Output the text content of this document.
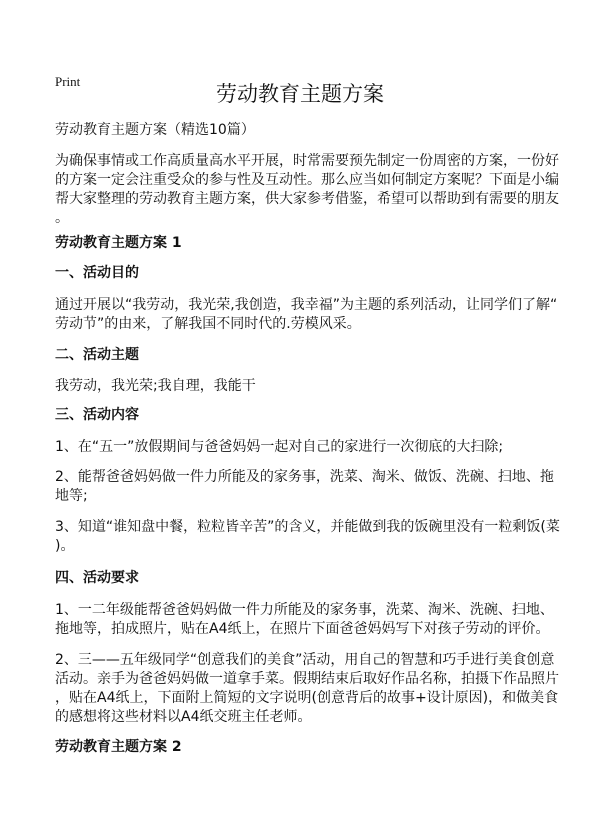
Print
劳动教育主题方案
劳动教育主题方案（精选10篇）
为确保事情或工作高质量高水平开展，时常需要预先制定一份周密的方案，一份好
的方案一定会注重受众的参与性及互动性。那么应当如何制定方案呢？下面是小编
帮大家整理的劳动教育主题方案，供大家参考借鉴，希望可以帮助到有需要的朋友
。
劳动教育主题方案 1
一、活动目的
通过开展以“我劳动，我光荣,我创造，我幸福”为主题的系列活动，让同学们了解“
劳动节”的由来，了解我国不同时代的.劳模风采。
二、活动主题
我劳动，我光荣;我自理，我能干
三、活动内容
1、在“五一”放假期间与爸爸妈妈一起对自己的家进行一次彻底的大扫除;
2、能帮爸爸妈妈做一件力所能及的家务事，洗菜、淘米、做饭、洗碗、扫地、拖
地等;
3、知道“谁知盘中餐，粒粒皆辛苦”的含义，并能做到我的饭碗里没有一粒剩饭(菜
)。
四、活动要求
1、一二年级能帮爸爸妈妈做一件力所能及的家务事，洗菜、淘米、洗碗、扫地、
拖地等，拍成照片，贴在A4纸上，在照片下面爸爸妈妈写下对孩子劳动的评价。
2、三——五年级同学“创意我们的美食”活动，用自己的智慧和巧手进行美食创意
活动。亲手为爸爸妈妈做一道拿手菜。假期结束后取好作品名称，拍摄下作品照片
，贴在A4纸上，下面附上简短的文字说明(创意背后的故事+设计原因)，和做美食
的感想将这些材料以A4纸交班主任老师。
劳动教育主题方案 2
